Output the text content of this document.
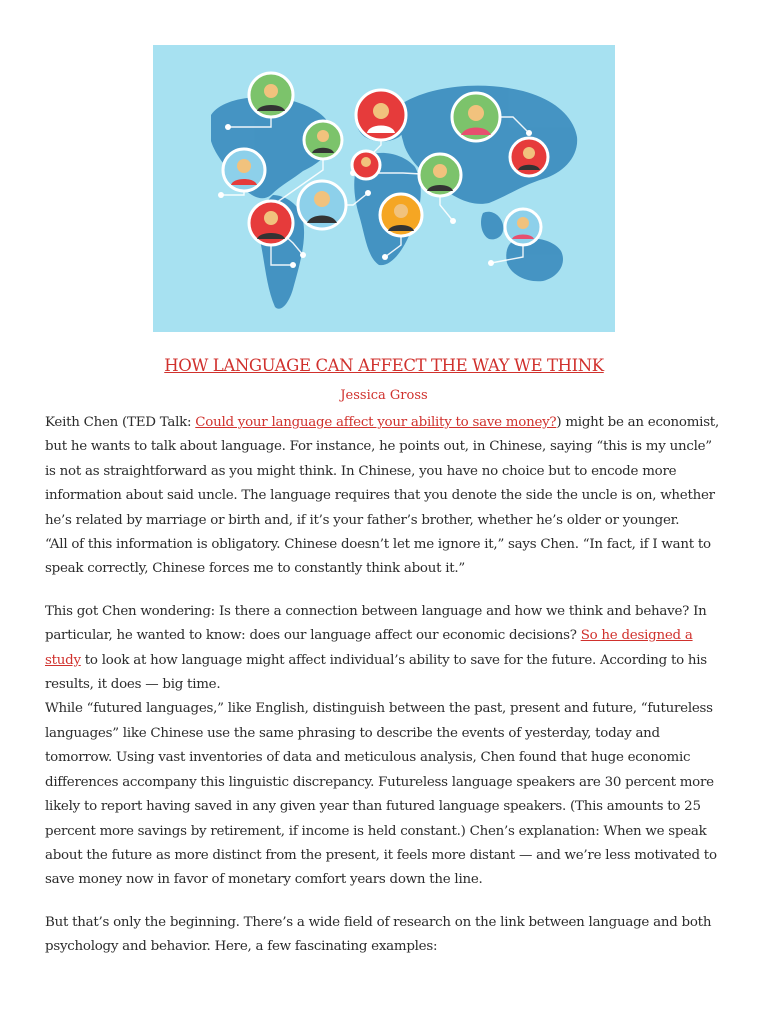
HOW LANGUAGE CAN AFFECT THE WAY WE THINK
Jessica Gross

Keith Chen (TED Talk: Could your language affect your ability to save money?) might be an economist, but he wants to talk about language. For instance, he points out, in Chinese, saying “this is my uncle” is not as straightforward as you might think. In Chinese, you have no choice but to encode more information about said uncle. The language requires that you denote the side the uncle is on, whether he’s related by marriage or birth and, if it’s your father’s brother, whether he’s older or younger.

“All of this information is obligatory. Chinese doesn’t let me ignore it,” says Chen. “In fact, if I want to speak correctly, Chinese forces me to constantly think about it.”

This got Chen wondering: Is there a connection between language and how we think and behave? In particular, he wanted to know: does our language affect our economic decisions? So he designed a study to look at how language might affect individual’s ability to save for the future. According to his results, it does — big time.

While “futured languages,” like English, distinguish between the past, present and future, “futureless languages” like Chinese use the same phrasing to describe the events of yesterday, today and tomorrow. Using vast inventories of data and meticulous analysis, Chen found that huge economic differences accompany this linguistic discrepancy. Futureless language speakers are 30 percent more likely to report having saved in any given year than futured language speakers. (This amounts to 25 percent more savings by retirement, if income is held constant.) Chen’s explanation: When we speak about the future as more distinct from the present, it feels more distant — and we’re less motivated to save money now in favor of monetary comfort years down the line.

But that’s only the beginning. There’s a wide field of research on the link between language and both psychology and behavior. Here, a few fascinating examples:
